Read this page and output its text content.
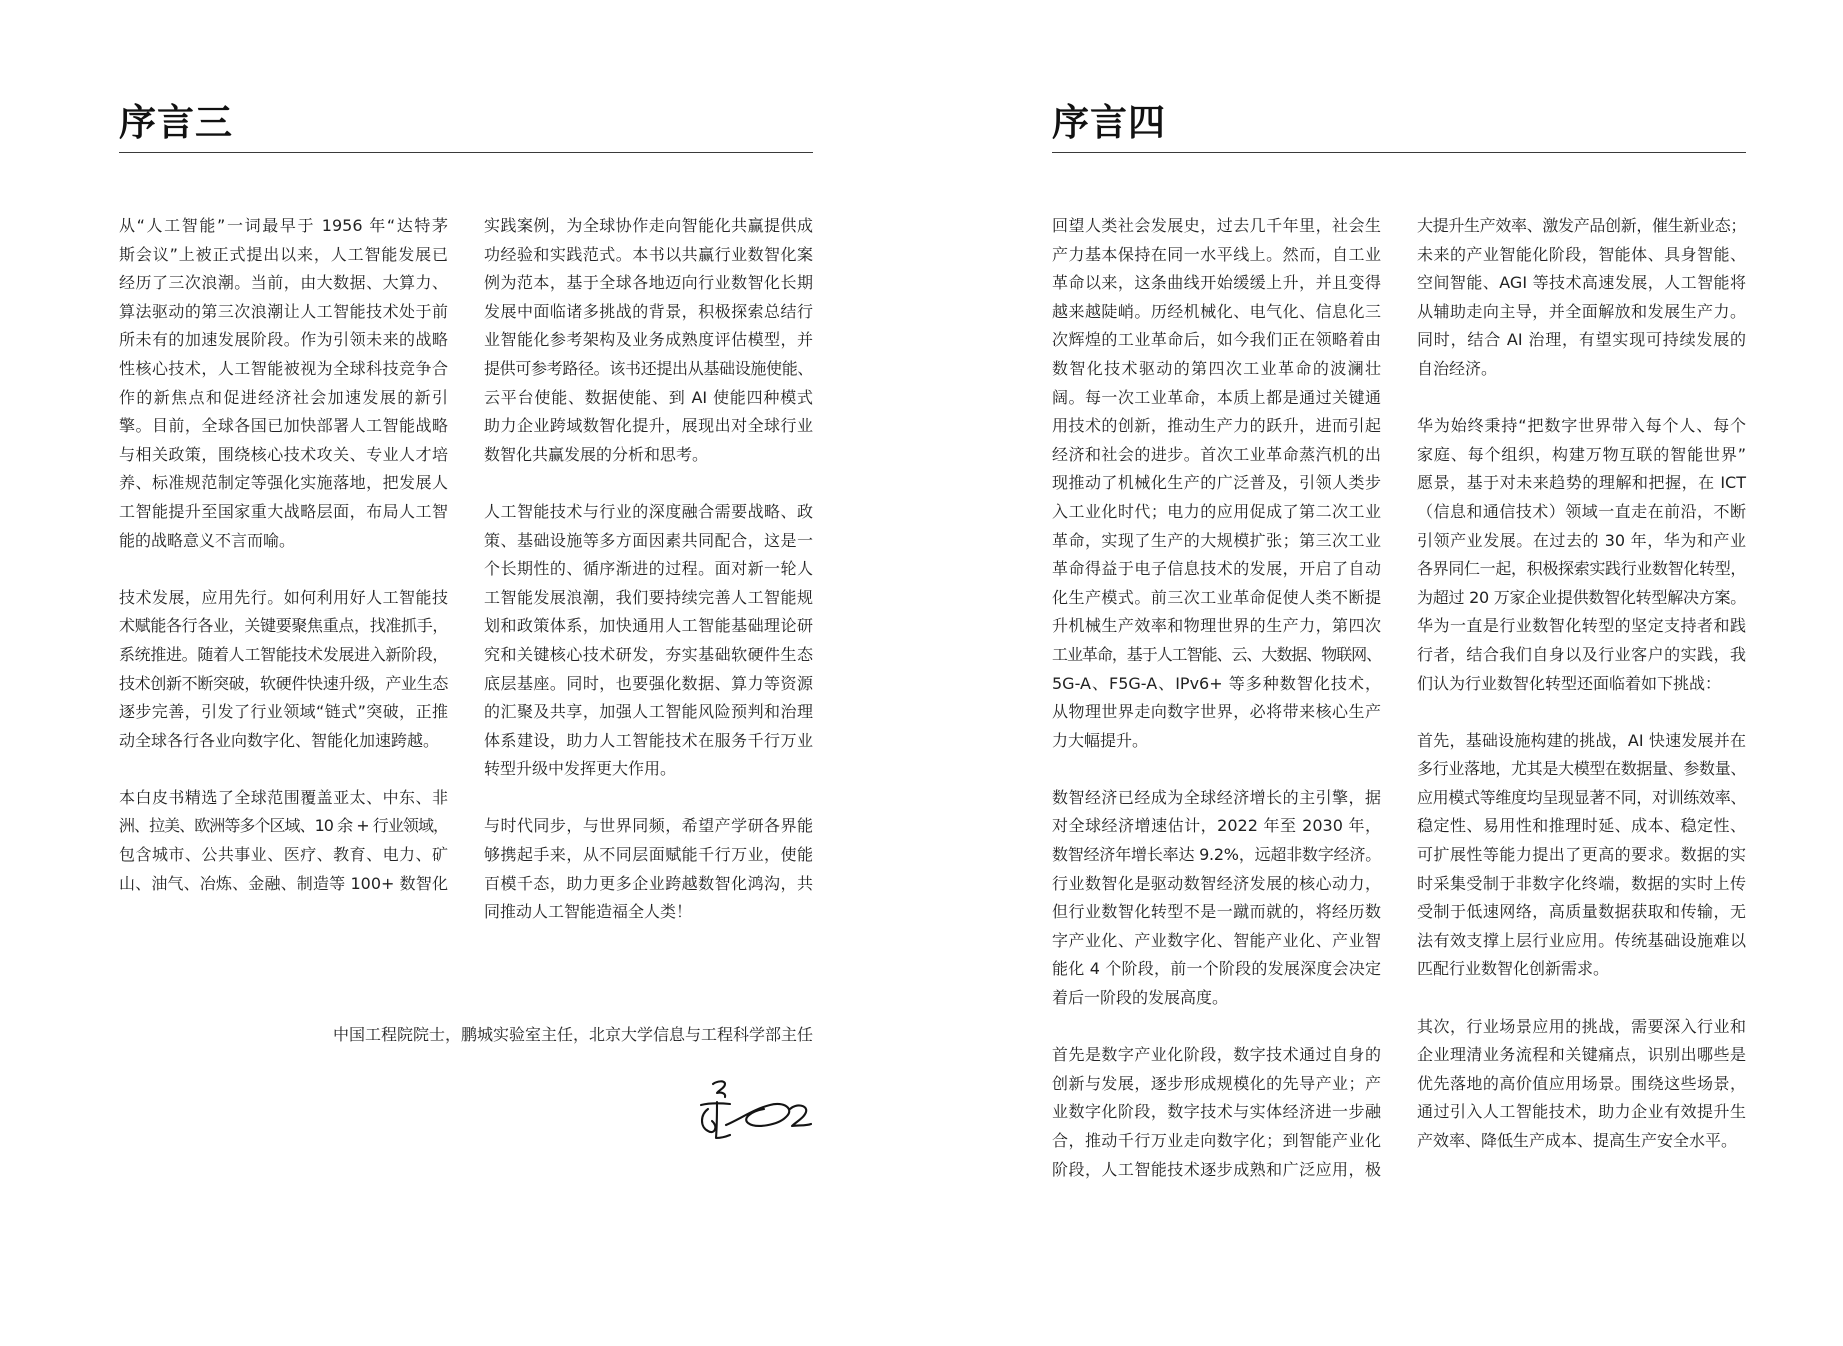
序言三
从“人工智能”一词最早于 1956 年“达特茅
斯会议”上被正式提出以来，人工智能发展已
经历了三次浪潮。当前，由大数据、大算力、
算法驱动的第三次浪潮让人工智能技术处于前
所未有的加速发展阶段。作为引领未来的战略
性核心技术，人工智能被视为全球科技竞争合
作的新焦点和促进经济社会加速发展的新引
擎。目前，全球各国已加快部署人工智能战略
与相关政策，围绕核心技术攻关、专业人才培
养、标准规范制定等强化实施落地，把发展人
工智能提升至国家重大战略层面，布局人工智
能的战略意义不言而喻。
技术发展，应用先行。如何利用好人工智能技
术赋能各行各业，关键要聚焦重点，找准抓手，
系统推进。随着人工智能技术发展进入新阶段，
技术创新不断突破，软硬件快速升级，产业生态
逐步完善，引发了行业领域“链式”突破，正推
动全球各行各业向数字化、智能化加速跨越。
本白皮书精选了全球范围覆盖亚太、中东、非
洲、拉美、欧洲等多个区域、10 余 + 行业领域，
包含城市、公共事业、医疗、教育、电力、矿
山、油气、冶炼、金融、制造等 100+ 数智化
实践案例，为全球协作走向智能化共赢提供成
功经验和实践范式。本书以共赢行业数智化案
例为范本，基于全球各地迈向行业数智化长期
发展中面临诸多挑战的背景，积极探索总结行
业智能化参考架构及业务成熟度评估模型，并
提供可参考路径。该书还提出从基础设施使能、
云平台使能、数据使能、到 AI 使能四种模式
助力企业跨域数智化提升，展现出对全球行业
数智化共赢发展的分析和思考。
人工智能技术与行业的深度融合需要战略、政
策、基础设施等多方面因素共同配合，这是一
个长期性的、循序渐进的过程。面对新一轮人
工智能发展浪潮，我们要持续完善人工智能规
划和政策体系，加快通用人工智能基础理论研
究和关键核心技术研发，夯实基础软硬件生态
底层基座。同时，也要强化数据、算力等资源
的汇聚及共享，加强人工智能风险预判和治理
体系建设，助力人工智能技术在服务千行万业
转型升级中发挥更大作用。
与时代同步，与世界同频，希望产学研各界能
够携起手来，从不同层面赋能千行万业，使能
百模千态，助力更多企业跨越数智化鸿沟，共
同推动人工智能造福全人类！
中国工程院院士，鹏城实验室主任，北京大学信息与工程科学部主任
序言四
回望人类社会发展史，过去几千年里，社会生
产力基本保持在同一水平线上。然而，自工业
革命以来，这条曲线开始缓缓上升，并且变得
越来越陡峭。历经机械化、电气化、信息化三
次辉煌的工业革命后，如今我们正在领略着由
数智化技术驱动的第四次工业革命的波澜壮
阔。每一次工业革命，本质上都是通过关键通
用技术的创新，推动生产力的跃升，进而引起
经济和社会的进步。首次工业革命蒸汽机的出
现推动了机械化生产的广泛普及，引领人类步
入工业化时代；电力的应用促成了第二次工业
革命，实现了生产的大规模扩张；第三次工业
革命得益于电子信息技术的发展，开启了自动
化生产模式。前三次工业革命促使人类不断提
升机械生产效率和物理世界的生产力，第四次
工业革命，基于人工智能、云、大数据、物联网、
5G-A、F5G-A、IPv6+ 等多种数智化技术，
从物理世界走向数字世界，必将带来核心生产
力大幅提升。
数智经济已经成为全球经济增长的主引擎，据
对全球经济增速估计，2022 年至 2030 年，
数智经济年增长率达 9.2%，远超非数字经济。
行业数智化是驱动数智经济发展的核心动力，
但行业数智化转型不是一蹴而就的，将经历数
字产业化、产业数字化、智能产业化、产业智
能化 4 个阶段，前一个阶段的发展深度会决定
着后一阶段的发展高度。
首先是数字产业化阶段，数字技术通过自身的
创新与发展，逐步形成规模化的先导产业；产
业数字化阶段，数字技术与实体经济进一步融
合，推动千行万业走向数字化；到智能产业化
阶段，人工智能技术逐步成熟和广泛应用，极
大提升生产效率、激发产品创新，催生新业态；
未来的产业智能化阶段，智能体、具身智能、
空间智能、AGI 等技术高速发展，人工智能将
从辅助走向主导，并全面解放和发展生产力。
同时，结合 AI 治理，有望实现可持续发展的
自治经济。
华为始终秉持“把数字世界带入每个人、每个
家庭、每个组织，构建万物互联的智能世界”
愿景，基于对未来趋势的理解和把握，在 ICT
（信息和通信技术）领域一直走在前沿，不断
引领产业发展。在过去的 30 年，华为和产业
各界同仁一起，积极探索实践行业数智化转型，
为超过 20 万家企业提供数智化转型解决方案。
华为一直是行业数智化转型的坚定支持者和践
行者，结合我们自身以及行业客户的实践，我
们认为行业数智化转型还面临着如下挑战：
首先，基础设施构建的挑战，AI 快速发展并在
多行业落地，尤其是大模型在数据量、参数量、
应用模式等维度均呈现显著不同，对训练效率、
稳定性、易用性和推理时延、成本、稳定性、
可扩展性等能力提出了更高的要求。数据的实
时采集受制于非数字化终端，数据的实时上传
受制于低速网络，高质量数据获取和传输，无
法有效支撑上层行业应用。传统基础设施难以
匹配行业数智化创新需求。
其次，行业场景应用的挑战，需要深入行业和
企业理清业务流程和关键痛点，识别出哪些是
优先落地的高价值应用场景。围绕这些场景，
通过引入人工智能技术，助力企业有效提升生
产效率、降低生产成本、提高生产安全水平。
